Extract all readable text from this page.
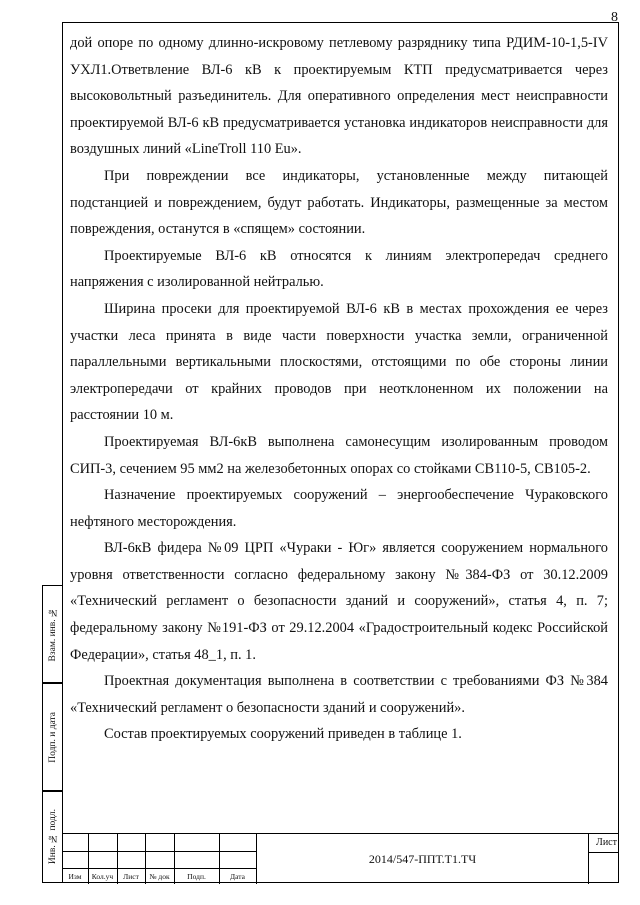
8

дой опоре по одному длинно-искровому петлевому разряднику типа РДИМ-10-1,5-IV УХЛ1.Ответвление ВЛ-6 кВ к проектируемым КТП предусматривается через высоковольтный разъединитель. Для оперативного определения мест неисправности проектируемой ВЛ-6 кВ предусматривается установка индикаторов неисправности для воздушных линий «LineTroll 110 Eu».

При повреждении все индикаторы, установленные между питающей подстанцией и повреждением, будут работать. Индикаторы, размещенные за местом повреждения, останутся в «спящем» состоянии.

Проектируемые ВЛ-6 кВ относятся к линиям электропередач среднего напряжения с изолированной нейтралью.

Ширина просеки для проектируемой ВЛ-6 кВ в местах прохождения ее через участки леса принята в виде части поверхности участка земли, ограниченной параллельными вертикальными плоскостями, отстоящими по обе стороны линии электропередачи от крайних проводов при неотклоненном их положении на расстоянии 10 м.

Проектируемая ВЛ-6кВ выполнена самонесущим изолированным проводом СИП-3, сечением 95 мм2 на железобетонных опорах со стойками СВ110-5, СВ105-2.

Назначение проектируемых сооружений – энергообеспечение Чураковского нефтяного месторождения.

ВЛ-6кВ фидера №09 ЦРП «Чураки - Юг» является сооружением нормального уровня ответственности согласно федеральному закону №384-ФЗ от 30.12.2009 «Технический регламент о безопасности зданий и сооружений», статья 4, п. 7; федеральному закону №191-ФЗ от 29.12.2004 «Градостроительный кодекс Российской Федерации», статья 48_1, п. 1.

Проектная документация выполнена в соответствии с требованиями ФЗ №384 «Технический регламент о безопасности зданий и сооружений».

Состав проектируемых сооружений приведен в таблице 1.

Взам. инв. №
Подп. и дата
Инв. № подл.
Изм	Кол.уч	Лист	№ док	Подп.	Дата
2014/547-ППТ.Т1.ТЧ
Лист
